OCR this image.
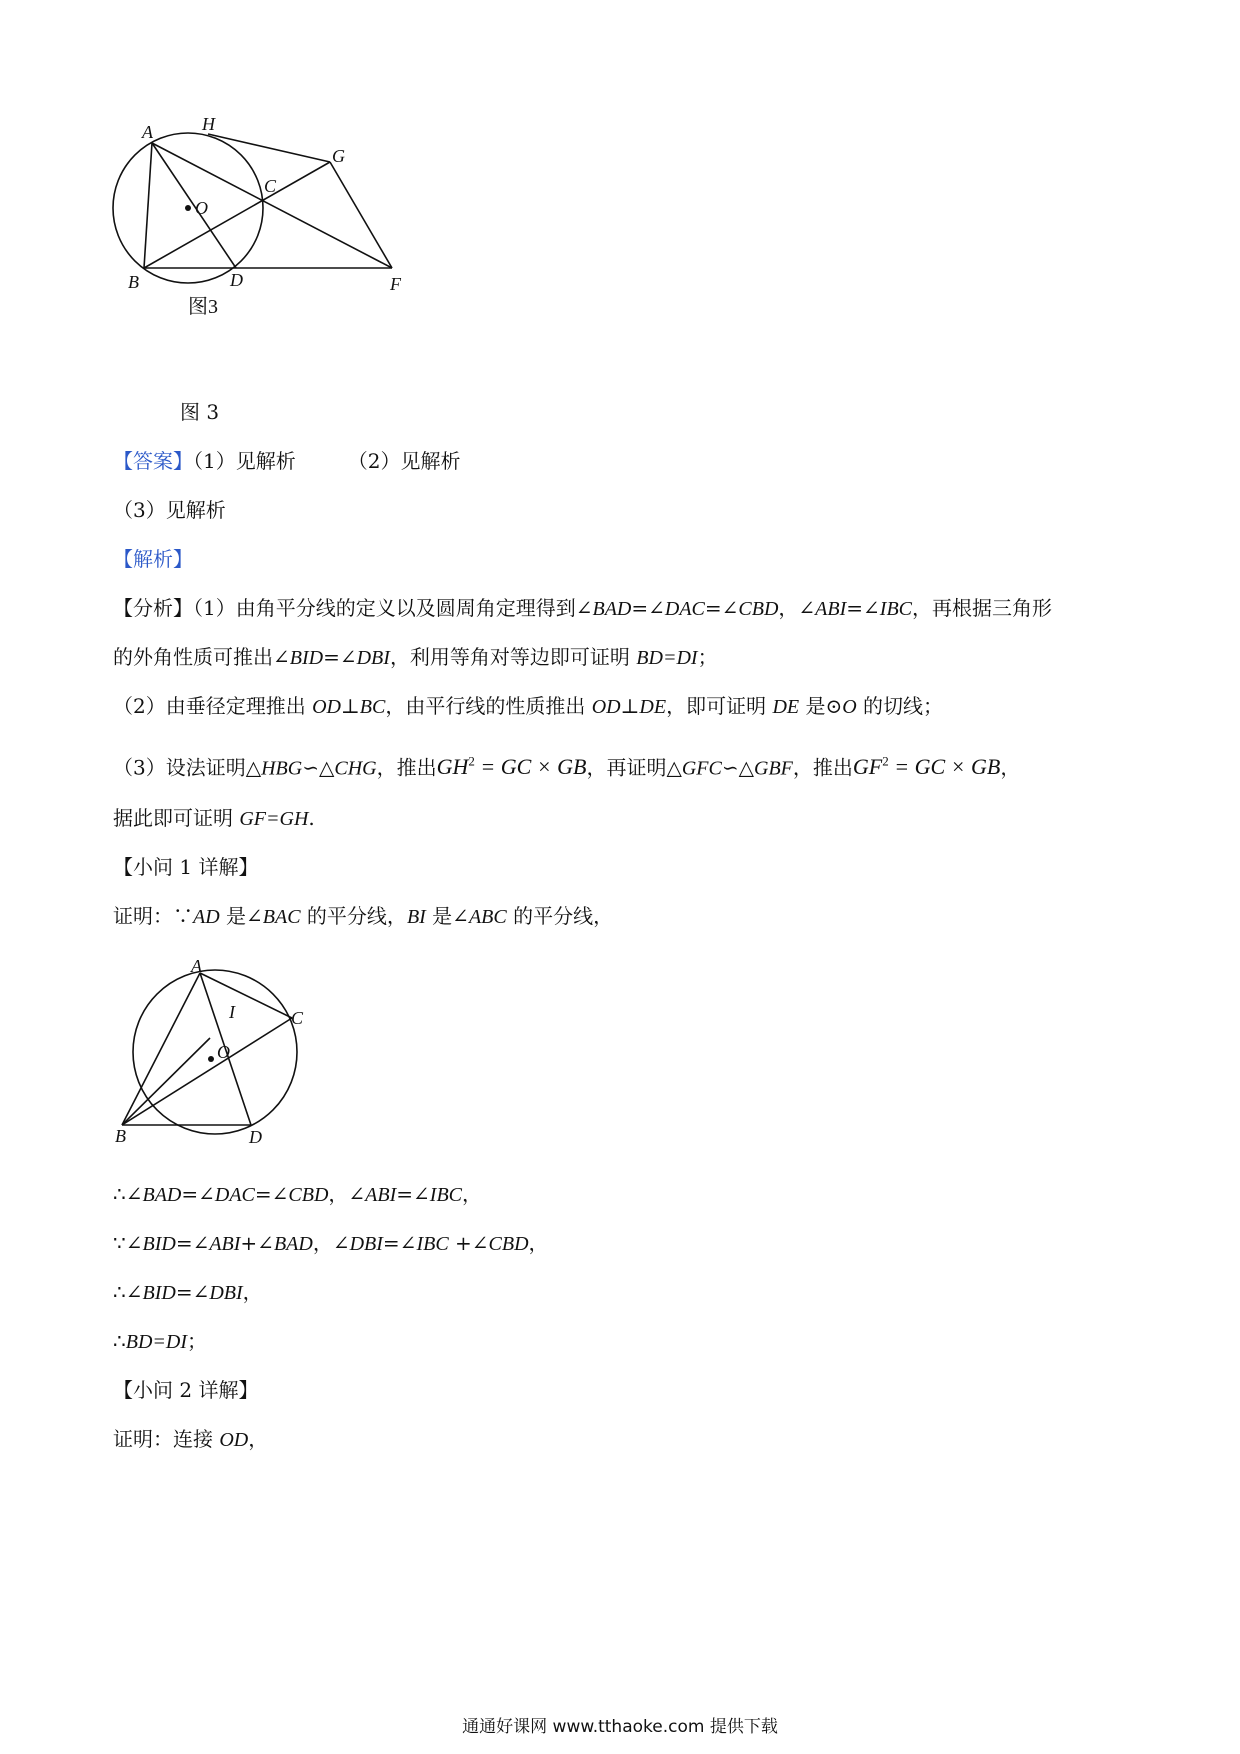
A	H
G
C
O
B	D	F
图3
图 3
【答案】（1）见解析	（2）见解析
（3）见解析
【解析】
【分析】（1）由角平分线的定义以及圆周角定理得到∠BAD=∠DAC=∠CBD，∠ABI=∠IBC，再根据三角形
的外角性质可推出∠BID=∠DBI，利用等角对等边即可证明 BD=DI；
（2）由垂径定理推出 OD⊥BC，由平行线的性质推出 OD⊥DE，即可证明 DE 是⊙O 的切线；
（3）设法证明△HBG∽△CHG，推出$GH^2$ = GC × GB，再证明△GFC∽△GBF，推出$GF^2$ = GC × GB，
据此即可证明 GF=GH.
【小问 1 详解】
证明：∵AD 是∠BAC 的平分线，BI 是∠ABC 的平分线，
A
I	C
O
B	D
∴∠BAD=∠DAC=∠CBD，∠ABI=∠IBC，
∵∠BID=∠ABI+∠BAD，∠DBI=∠IBC +∠CBD，
∴∠BID=∠DBI，
∴BD=DI；
【小问 2 详解】
证明：连接 OD，
通通好课网 www.tthaoke.com 提供下载
